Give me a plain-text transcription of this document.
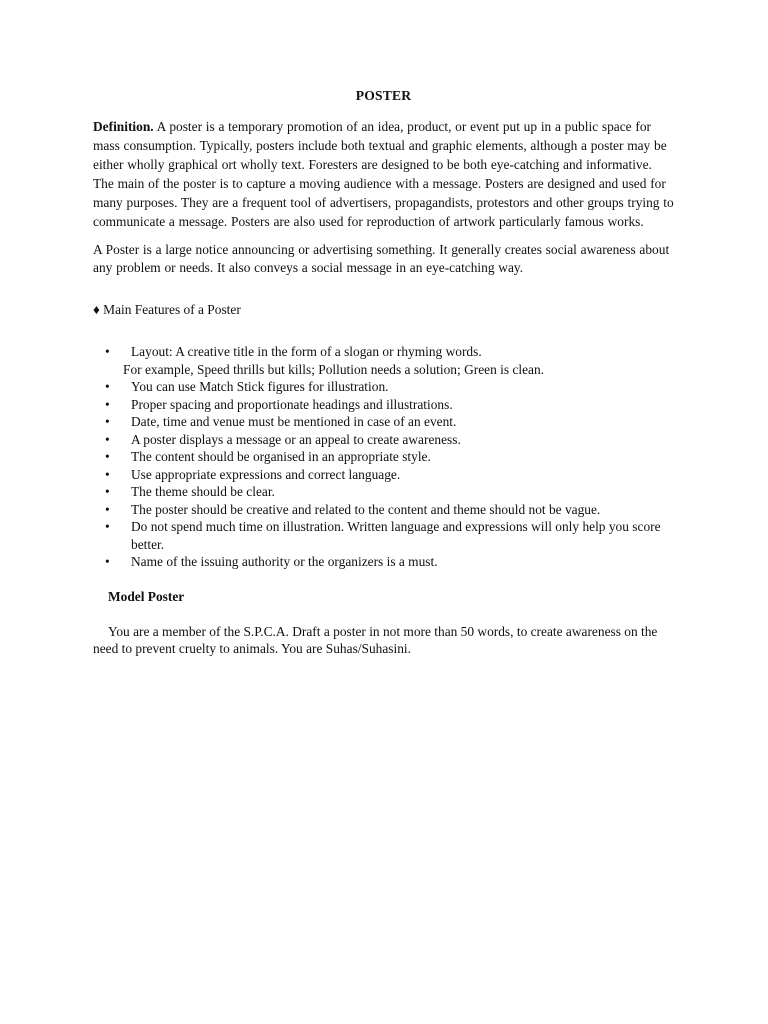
POSTER

Definition. A poster is a temporary promotion of an idea, product, or event put up in a public space for mass consumption. Typically, posters include both textual and graphic elements, although a poster may be either wholly graphical ort wholly text. Foresters are designed to be both eye-catching and informative. The main of the poster is to capture a moving audience with a message. Posters are designed and used for many purposes. They are a frequent tool of advertisers, propagandists, protestors and other groups trying to communicate a message. Posters are also used for reproduction of artwork particularly famous works.

A Poster is a large notice announcing or advertising something. It generally creates social awareness about any problem or needs. It also conveys a social message in an eye-catching way.

♦ Main Features of a Poster

• Layout: A creative title in the form of a slogan or rhyming words.
For example, Speed thrills but kills; Pollution needs a solution; Green is clean.
• You can use Match Stick figures for illustration.
• Proper spacing and proportionate headings and illustrations.
• Date, time and venue must be mentioned in case of an event.
• A poster displays a message or an appeal to create awareness.
• The content should be organised in an appropriate style.
• Use appropriate expressions and correct language.
• The theme should be clear.
• The poster should be creative and related to the content and theme should not be vague.
• Do not spend much time on illustration. Written language and expressions will only help you score better.
• Name of the issuing authority or the organizers is a must.

Model Poster

You are a member of the S.P.C.A. Draft a poster in not more than 50 words, to create awareness on the need to prevent cruelty to animals. You are Suhas/Suhasini.
